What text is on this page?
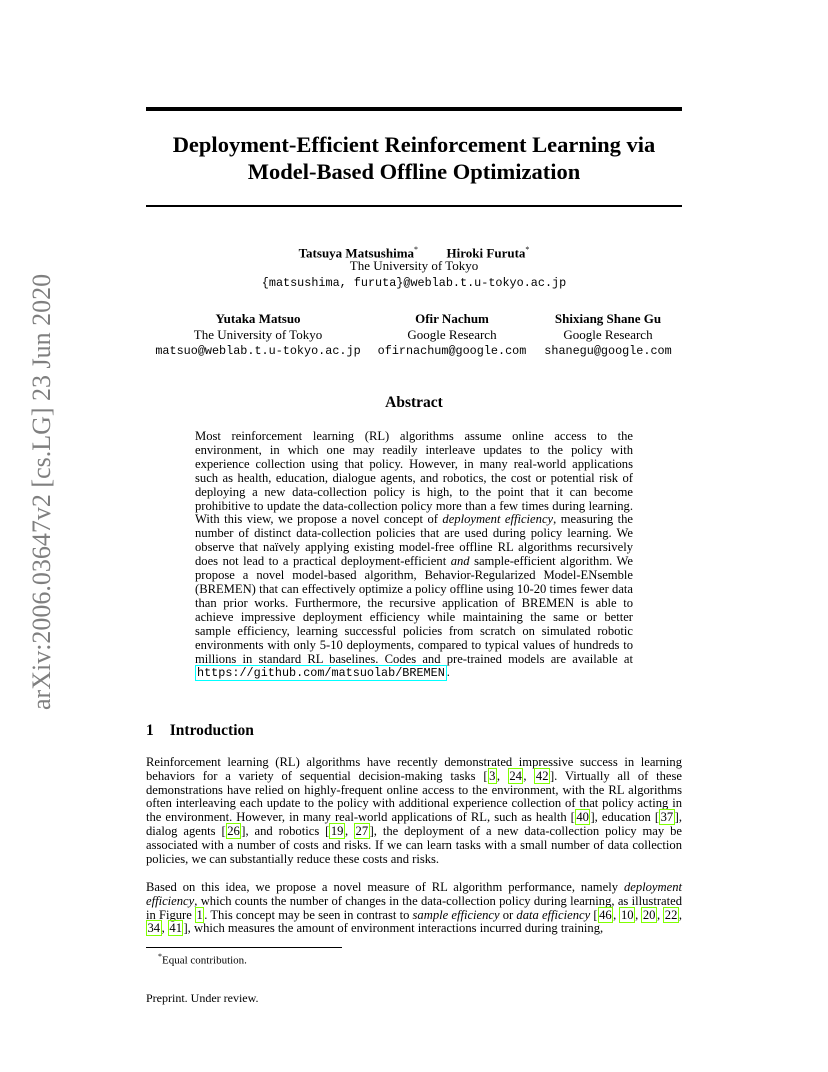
arXiv:2006.03647v2 [cs.LG] 23 Jun 2020
Deployment-Efficient Reinforcement Learning via
Model-Based Offline Optimization
Tatsuya Matsushima* Hiroki Furuta*
The University of Tokyo
{matsushima, furuta}@weblab.t.u-tokyo.ac.jp
Yutaka Matsuo
The University of Tokyo
matsuo@weblab.t.u-tokyo.ac.jp
Ofir Nachum
Google Research
ofirnachum@google.com
Shixiang Shane Gu
Google Research
shanegu@google.com
Abstract
Most reinforcement learning (RL) algorithms assume online access to the environment, in which one may readily interleave updates to the policy with experience collection using that policy. However, in many real-world applications such as health, education, dialogue agents, and robotics, the cost or potential risk of deploying a new data-collection policy is high, to the point that it can become prohibitive to update the data-collection policy more than a few times during learning. With this view, we propose a novel concept of deployment efficiency, measuring the number of distinct data-collection policies that are used during policy learning. We observe that naïvely applying existing model-free offline RL algorithms recursively does not lead to a practical deployment-efficient and sample-efficient algorithm. We propose a novel model-based algorithm, Behavior-Regularized Model-ENsemble (BREMEN) that can effectively optimize a policy offline using 10-20 times fewer data than prior works. Furthermore, the recursive application of BREMEN is able to achieve impressive deployment efficiency while maintaining the same or better sample efficiency, learning successful policies from scratch on simulated robotic environments with only 5-10 deployments, compared to typical values of hundreds to millions in standard RL baselines. Codes and pre-trained models are available at https://github.com/matsuolab/BREMEN .
1 Introduction
Reinforcement learning (RL) algorithms have recently demonstrated impressive success in learning behaviors for a variety of sequential decision-making tasks [ 3 , 24 , 42 ]. Virtually all of these demonstrations have relied on highly-frequent online access to the environment, with the RL algorithms often interleaving each update to the policy with additional experience collection of that policy acting in the environment. However, in many real-world applications of RL, such as health [ 40 ], education [ 37 ], dialog agents [ 26 ], and robotics [ 19 , 27 ], the deployment of a new data-collection policy may be associated with a number of costs and risks. If we can learn tasks with a small number of data collection policies, we can substantially reduce these costs and risks.
Based on this idea, we propose a novel measure of RL algorithm performance, namely deployment efficiency, which counts the number of changes in the data-collection policy during learning, as illustrated in Figure 1 . This concept may be seen in contrast to sample efficiency or data efficiency [ 46 , 10 , 20 , 22 , 34 , 41 ], which measures the amount of environment interactions incurred during training,
*Equal contribution.
Preprint. Under review.
